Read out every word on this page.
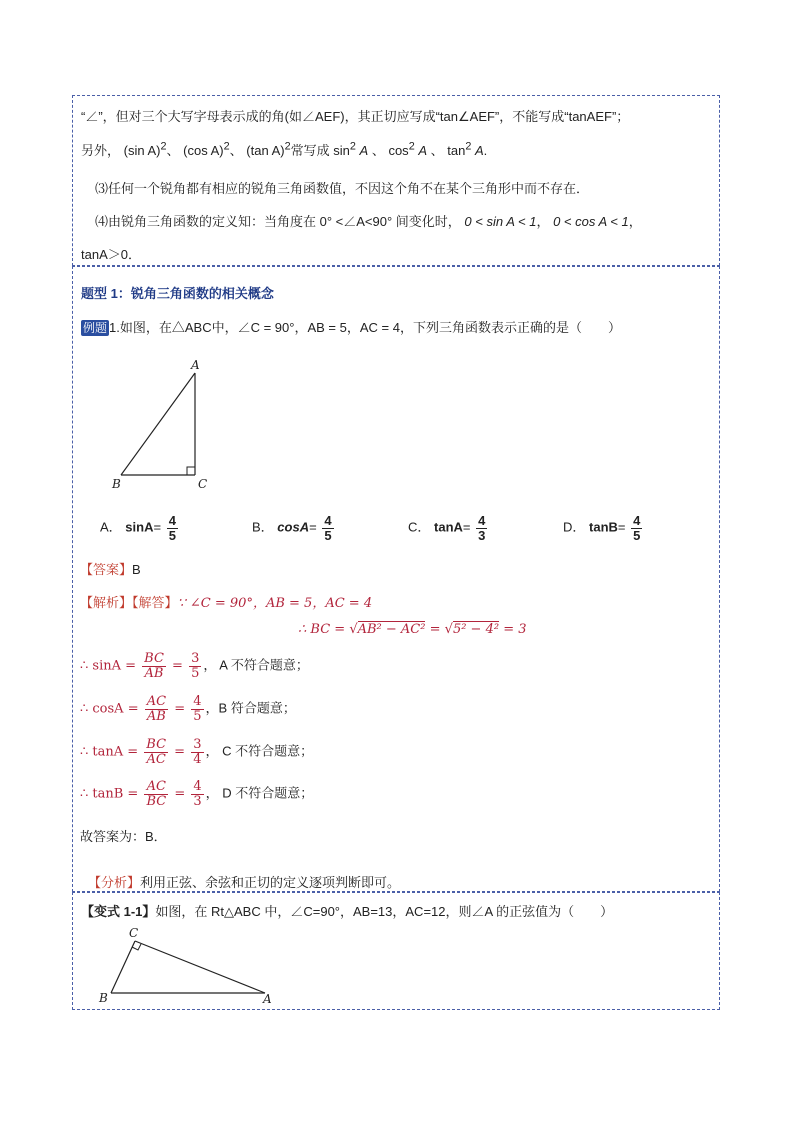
“∠”，但对三个大写字母表示成的角(如∠AEF)，其正切应写成“tan∠AEF”，不能写成“tanAEF”；
另外， (sin A)$^2$、 (cos A)$^2$、 (tan A)$^2$常写成 $\sin^2 A$ 、 $\cos^2 A$ 、 $\tan^2 A$.
⑶任何一个锐角都有相应的锐角三角函数值，不因这个角不在某个三角形中而不存在．
⑷由锐角三角函数的定义知：当角度在 0° <∠A<90° 间变化时， 0 < sin A < 1， 0 < cos A < 1，
tanA＞0．
题型 1：锐角三角函数的相关概念
例题 1.如图，在△ABC中，∠C = 90°，AB = 5，AC = 4，下列三角函数表示正确的是（　　）
A
B	C
A． $\sin A= \frac{4}{5}$	B． $\cos A= \frac{4}{5}$	C． $\tan A= \frac{4}{3}$	D． $\tan B= \frac{4}{5}$
【答案】B
【解析】【解答】∵ ∠C = 90°，AB = 5，AC = 4
∴ BC = √AB² − AC² = √5² − 4² = 3
∴ $\sin A = \frac{BC}{AB} = \frac{3}{5}$ ， A 不符合题意；
∴ $\cos A = \frac{AC}{AB} = \frac{4}{5}$ ，B 符合题意；
∴ $\tan A = \frac{BC}{AC} = \frac{3}{4}$ ， C 不符合题意；
∴ $\tan B = \frac{AC}{BC} = \frac{4}{3}$ ， D 不符合题意；
故答案为：B．
【分析】利用正弦、余弦和正切的定义逐项判断即可。
【变式 1-1】如图，在 Rt△ABC 中，∠C=90°，AB=13，AC=12，则∠A 的正弦值为（　　）
C
B	A
